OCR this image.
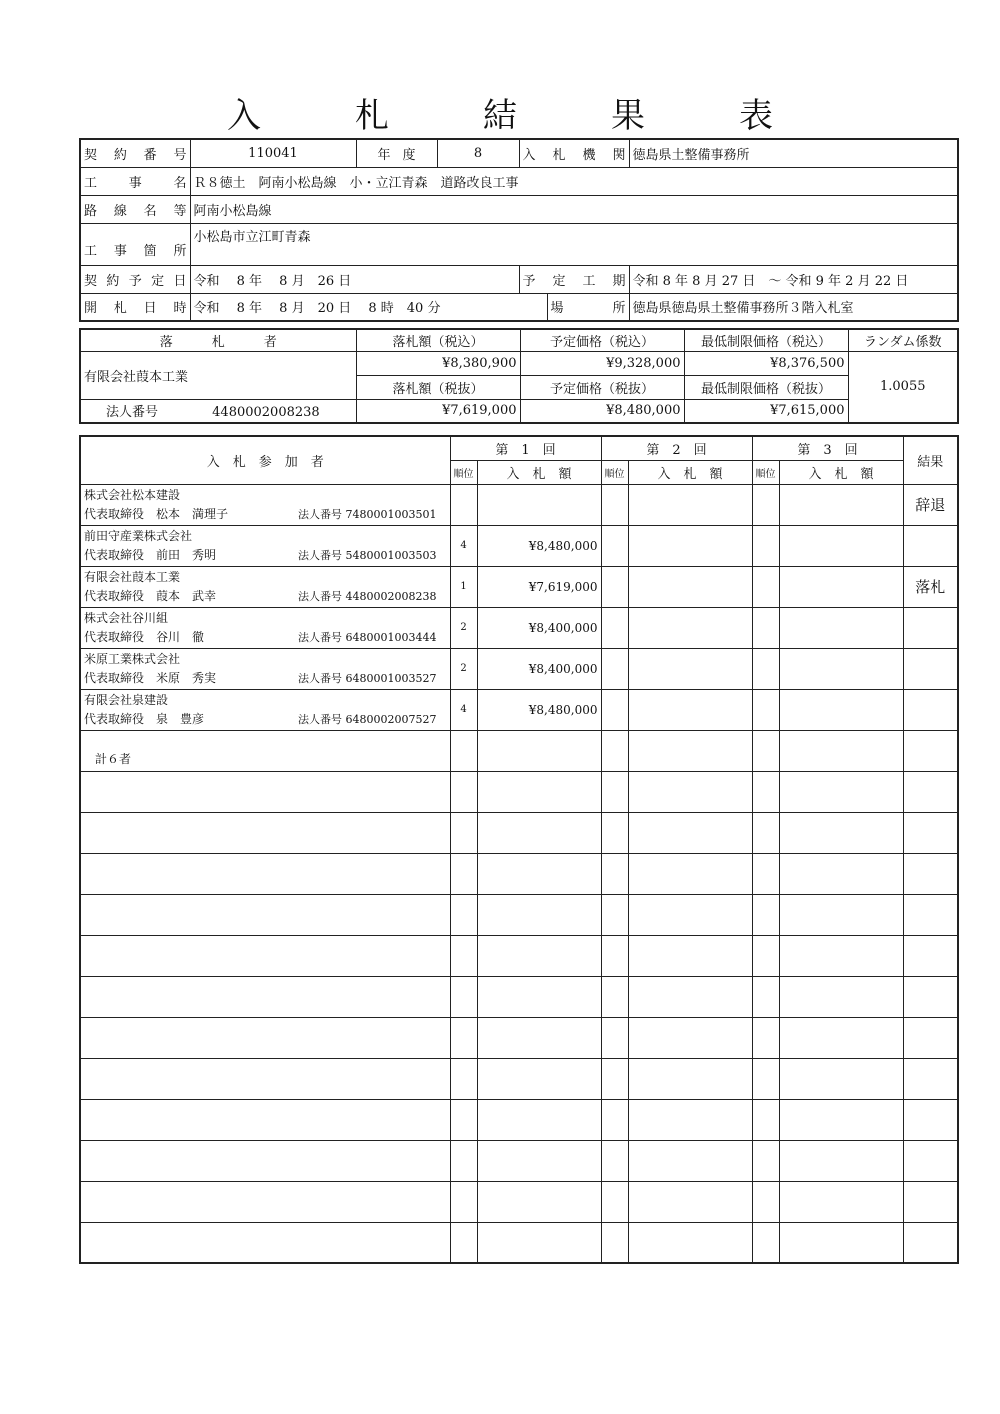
入　札　結　果　表
契 約 番 号	110041	年 度	8	入 札 機 関		徳島県土整備事務所

工 事 名	Ｒ８徳土　阿南小松島線　小・立江青森　道路改良工事					

路 線 名 等	阿南小松島線					

工 事 箇 所	小松島市立江町青森					

契 約 予 定 日	令和　 8 年　 8 月　26 日			予 定 工 期		令和 8 年 8 月 27 日　～ 令和 9 年 2 月 22 日

開 札 日 時	令和　 8 年　 8 月　20 日　 8 時　40 分				場 所	徳島県徳島県土整備事務所３階入札室
落　　　札　　　者	落札額（税込）	予定価格（税込）	最低制限価格（税込）	ランダム係数
有限会社葭本工業	¥8,380,900	¥9,328,000	¥8,376,500	1.0055
	落札額（税抜）	予定価格（税抜）	最低制限価格（税抜）	
法人番号 4480002008238	¥7,619,000	¥8,480,000	¥7,615,000	
入　札　参　加　者	第　1　回		第　2　回		第　3　回		結果
	順位	入　札　額	順位	入　札　額	順位	入　札　額	

株式会社松本建設
代表取締役　松本　満理子 法人番号 7480001003501							辞退

前田守産業株式会社
代表取締役　前田　秀明 法人番号 5480001003503	4	¥8,480,000					

有限会社葭本工業
代表取締役　葭本　武幸 法人番号 4480002008238	1	¥7,619,000					落札

株式会社谷川組
代表取締役　谷川　徹 法人番号 6480001003444	2	¥8,400,000					

米原工業株式会社
代表取締役　米原　秀実 法人番号 6480001003527	2	¥8,400,000					

有限会社泉建設
代表取締役　泉　豊彦 法人番号 6480002007527	4	¥8,480,000					
計６者							
